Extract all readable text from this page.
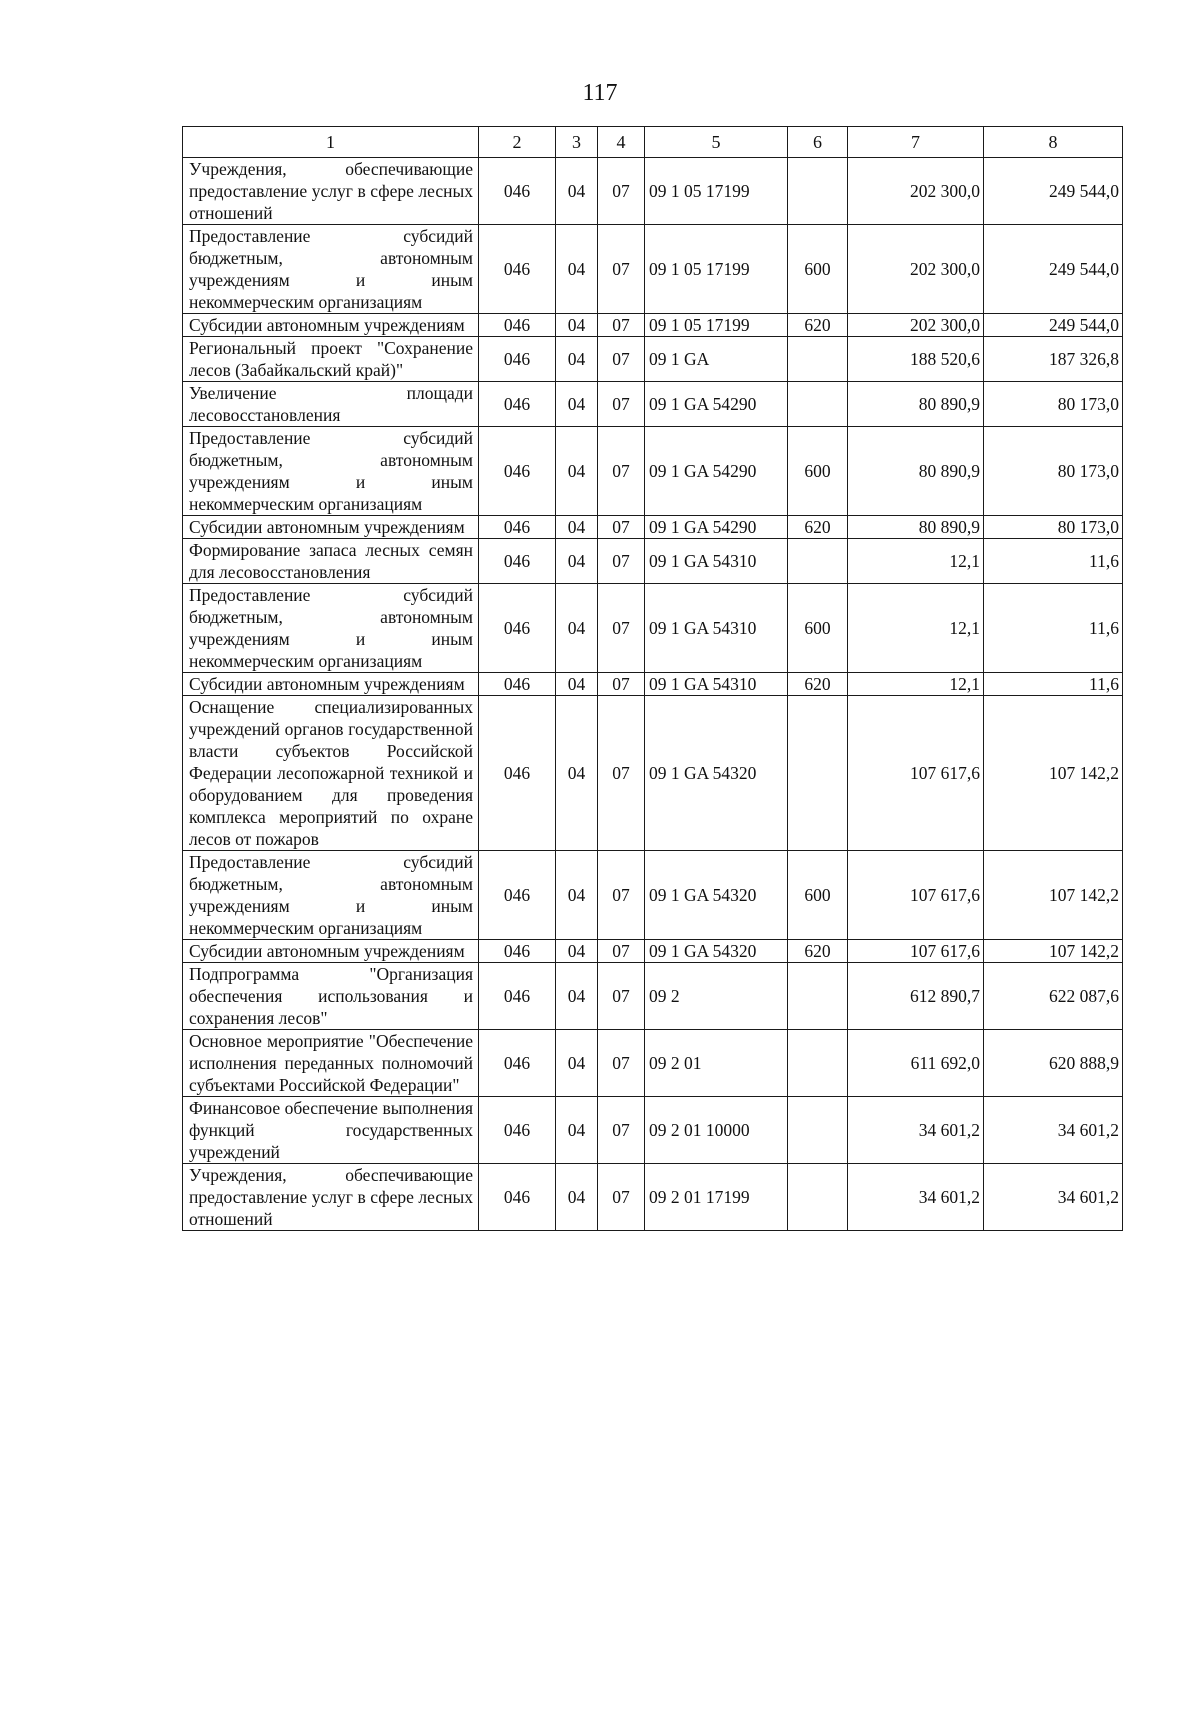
117
1	2	3	4	5	6	7	8
Учреждения, обеспечивающие предоставление услуг в сфере лесных отношений	046	04	07	09 1 05 17199		202 300,0	249 544,0
Предоставление субсидий бюджетным, автономным учреждениям и иным некоммерческим организациям	046	04	07	09 1 05 17199	600	202 300,0	249 544,0
Субсидии автономным учреждениям	046	04	07	09 1 05 17199	620	202 300,0	249 544,0
Региональный проект "Сохранение лесов (Забайкальский край)"	046	04	07	09 1 GA		188 520,6	187 326,8
Увеличение площади лесовосстановления	046	04	07	09 1 GA 54290		80 890,9	80 173,0
Предоставление субсидий бюджетным, автономным учреждениям и иным некоммерческим организациям	046	04	07	09 1 GA 54290	600	80 890,9	80 173,0
Субсидии автономным учреждениям	046	04	07	09 1 GA 54290	620	80 890,9	80 173,0
Формирование запаса лесных семян для лесовосстановления	046	04	07	09 1 GA 54310		12,1	11,6
Предоставление субсидий бюджетным, автономным учреждениям и иным некоммерческим организациям	046	04	07	09 1 GA 54310	600	12,1	11,6
Субсидии автономным учреждениям	046	04	07	09 1 GA 54310	620	12,1	11,6
Оснащение специализированных учреждений органов государственной власти субъектов Российской Федерации лесопожарной техникой и оборудованием для проведения комплекса мероприятий по охране лесов от пожаров	046	04	07	09 1 GA 54320		107 617,6	107 142,2
Предоставление субсидий бюджетным, автономным учреждениям и иным некоммерческим организациям	046	04	07	09 1 GA 54320	600	107 617,6	107 142,2
Субсидии автономным учреждениям	046	04	07	09 1 GA 54320	620	107 617,6	107 142,2
Подпрограмма "Организация обеспечения использования и сохранения лесов"	046	04	07	09 2		612 890,7	622 087,6
Основное мероприятие "Обеспечение исполнения переданных полномочий субъектами Российской Федерации"	046	04	07	09 2 01		611 692,0	620 888,9
Финансовое обеспечение выполнения функций государственных учреждений	046	04	07	09 2 01 10000		34 601,2	34 601,2
Учреждения, обеспечивающие предоставление услуг в сфере лесных отношений	046	04	07	09 2 01 17199		34 601,2	34 601,2
